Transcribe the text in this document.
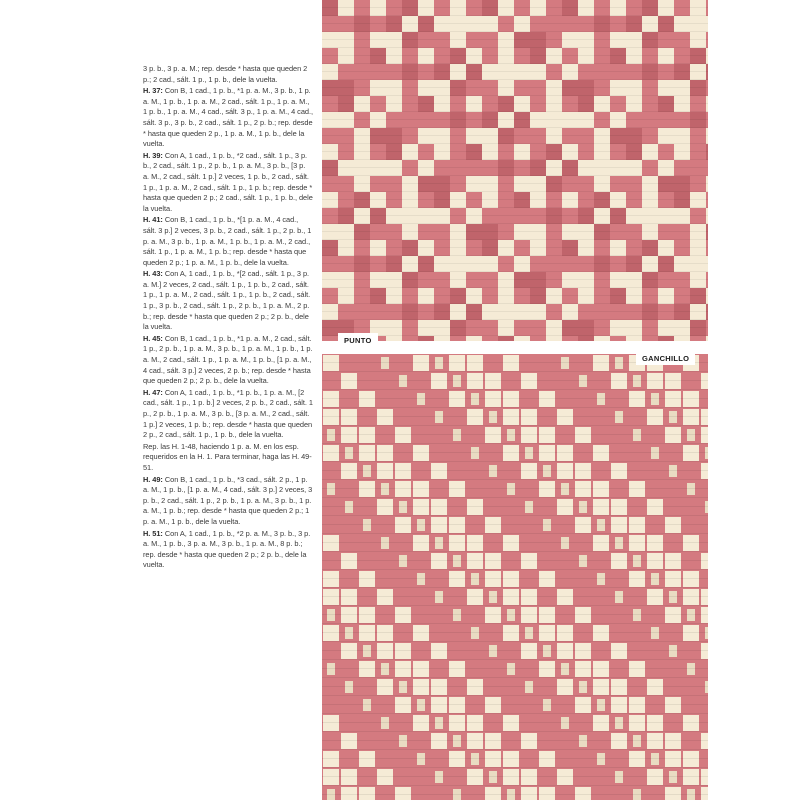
3 p. b., 3 p. a. M.; rep. desde * hasta que queden 2 p.; 2 cad., sált. 1 p., 1 p. b., dele la vuelta.

H. 37: Con B, 1 cad., 1 p. b., *1 p. a. M., 3 p. b., 1 p. a. M., 1 p. b., 1 p. a. M., 2 cad., sált. 1 p., 1 p. a. M., 1 p. b., 1 p. a. M., 4 cad., sált. 3 p., 1 p. a. M., 4 cad., sált. 3 p., 3 p. b., 2 cad., sált. 1 p., 2 p. b.; rep. desde * hasta que queden 2 p., 1 p. a. M., 1 p. b., dele la vuelta.

H. 39: Con A, 1 cad., 1 p. b., *2 cad., sált. 1 p., 3 p. b., 2 cad., sált. 1 p., 2 p. b., 1 p. a. M., 3 p. b., [3 p. a. M., 2 cad., sált. 1 p.] 2 veces, 1 p. b., 2 cad., sált. 1 p., 1 p. a. M., 2 cad., sált. 1 p., 1 p. b.; rep. desde * hasta que queden 2 p.; 2 cad., sált. 1 p., 1 p. b., dele la vuelta.

H. 41: Con B, 1 cad., 1 p. b., *[1 p. a. M., 4 cad., sált. 3 p.] 2 veces, 3 p. b., 2 cad., sált. 1 p., 2 p. b., 1 p. a. M., 3 p. b., 1 p. a. M., 1 p. b., 1 p. a. M., 2 cad., sált. 1 p., 1 p. a. M., 1 p. b.; rep. desde * hasta que queden 2 p.; 1 p. a. M., 1 p. b., dele la vuelta.

H. 43: Con A, 1 cad., 1 p. b., *[2 cad., sált. 1 p., 3 p. a. M.] 2 veces, 2 cad., sált. 1 p., 1 p. b., 2 cad., sált. 1 p., 1 p. a. M., 2 cad., sált. 1 p., 1 p. b., 2 cad., sált. 1 p., 3 p. b., 2 cad., sált. 1 p., 2 p. b., 1 p. a. M., 2 p. b.; rep. desde * hasta que queden 2 p.; 2 p. b., dele la vuelta.

H. 45: Con B, 1 cad., 1 p. b., *1 p. a. M., 2 cad., sált. 1 p., 2 p. b., 1 p. a. M., 3 p. b., 1 p. a. M., 1 p. b., 1 p. a. M., 2 cad., sált. 1 p., 1 p. a. M., 1 p. b., [1 p. a. M., 4 cad., sált. 3 p.] 2 veces, 2 p. b.; rep. desde * hasta que queden 2 p.; 2 p. b., dele la vuelta.

H. 47: Con A, 1 cad., 1 p. b., *1 p. b., 1 p. a. M., [2 cad., sált. 1 p., 1 p. b.] 2 veces, 2 p. b., 2 cad., sált. 1 p., 2 p. b., 1 p. a. M., 3 p. b., [3 p. a. M., 2 cad., sált. 1 p.] 2 veces, 1 p. b.; rep. desde * hasta que queden 2 p., 2 cad., sált. 1 p., 1 p. b., dele la vuelta.

Rep. las H. 1-48, haciendo 1 p. a. M. en los esp. requeridos en la H. 1. Para terminar, haga las H. 49-51.

H. 49: Con B, 1 cad., 1 p. b., *3 cad., sált. 2 p., 1 p. a. M., 1 p. b., [1 p. a. M., 4 cad., sált. 3 p.] 2 veces, 3 p. b., 2 cad., sált. 1 p., 2 p. b., 1 p. a. M., 3 p. b., 1 p. a. M., 1 p. b.; rep. desde * hasta que queden 2 p.; 1 p. a. M., 1 p. b., dele la vuelta.

H. 51: Con A, 1 cad., 1 p. b., *2 p. a. M., 3 p. b., 3 p. a. M., 1 p. b., 3 p. a. M., 3 p. b., 1 p. a. M., 8 p. b.; rep. desde * hasta que queden 2 p.; 2 p. b., dele la vuelta.

PUNTO
GANCHILLO
